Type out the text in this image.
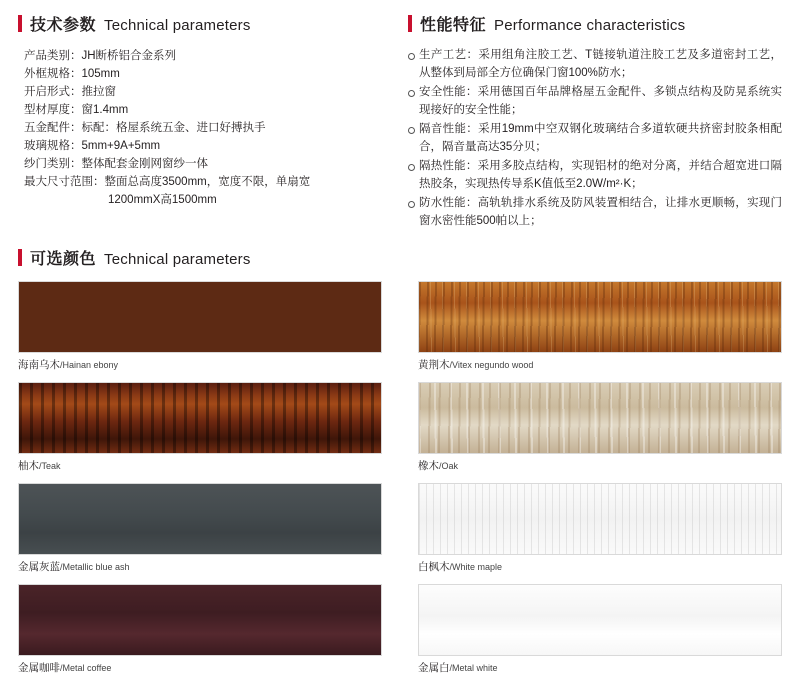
技术参数 Technical parameters
产品类别：JH断桥铝合金系列
外框规格：105mm
开启形式：推拉窗
型材厚度：窗1.4mm
五金配件：标配：格屋系统五金、进口好搏执手
玻璃规格：5mm+9A+5mm
纱门类别：整体配套金刚网窗纱一体
最大尺寸范围：整面总高度3500mm，宽度不限，单扇宽
1200mmX高1500mm
性能特征 Performance characteristics
生产工艺：采用组角注胶工艺、T链接轨道注胶工艺及多道密封工艺，从整体到局部全方位确保门窗100%防水；
安全性能：采用德国百年品牌格屋五金配件、多锁点结构及防晃系统实现接好的安全性能；
隔音性能：采用19mm中空双钢化玻璃结合多道软硬共挤密封胶条相配合，隔音量高达35分贝；
隔热性能：采用多胶点结构，实现铝材的绝对分离，并结合超宽进口隔热胶条，实现热传导系K值低至2.0W/m²·K；
防水性能：高轨轨排水系统及防风装置相结合，让排水更顺畅，实现门窗水密性能500帕以上；
可选颜色 Technical parameters
海南乌木/Hainan ebony	黄荆木/Vitex negundo wood
柚木/Teak	橡木/Oak
金属灰蓝/Metallic blue ash	白枫木/White maple
金属咖啡/Metal coffee	金属白/Metal white
